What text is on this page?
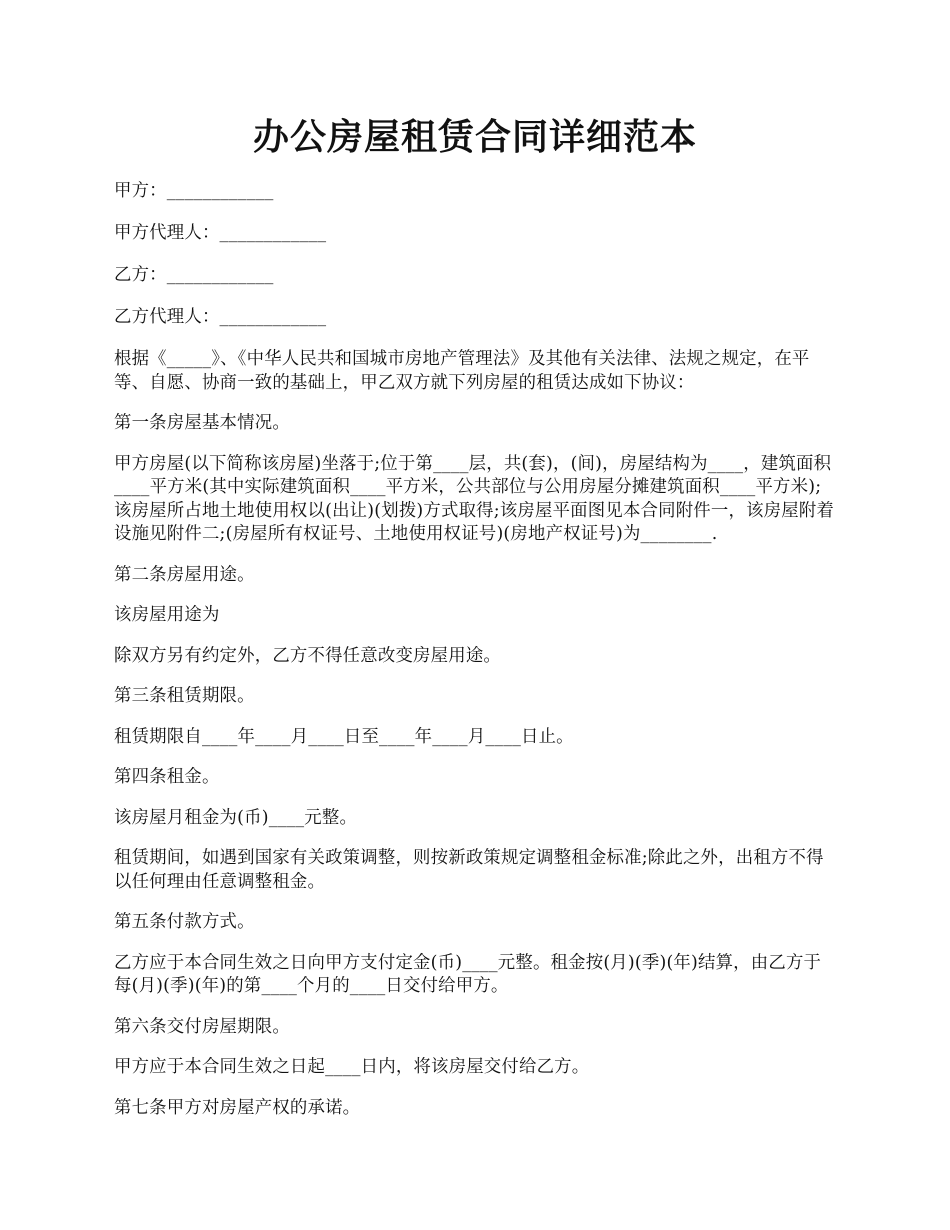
办公房屋租赁合同详细范本

甲方：____________

甲方代理人：____________

乙方：____________

乙方代理人：____________

根据《_____》、《中华人民共和国城市房地产管理法》及其他有关法律、法规之规定，在平等、自愿、协商一致的基础上，甲乙双方就下列房屋的租赁达成如下协议：

第一条房屋基本情况。

甲方房屋(以下简称该房屋)坐落于;位于第____层，共(套)，(间)，房屋结构为____，建筑面积____平方米(其中实际建筑面积____平方米，公共部位与公用房屋分摊建筑面积____平方米);该房屋所占地土地使用权以(出让)(划拨)方式取得;该房屋平面图见本合同附件一，该房屋附着设施见附件二;(房屋所有权证号、土地使用权证号)(房地产权证号)为________.

第二条房屋用途。

该房屋用途为

除双方另有约定外，乙方不得任意改变房屋用途。

第三条租赁期限。

租赁期限自____年____月____日至____年____月____日止。

第四条租金。

该房屋月租金为(币)____元整。

租赁期间，如遇到国家有关政策调整，则按新政策规定调整租金标准;除此之外，出租方不得以任何理由任意调整租金。

第五条付款方式。

乙方应于本合同生效之日向甲方支付定金(币)____元整。租金按(月)(季)(年)结算，由乙方于每(月)(季)(年)的第____个月的____日交付给甲方。

第六条交付房屋期限。

甲方应于本合同生效之日起____日内，将该房屋交付给乙方。

第七条甲方对房屋产权的承诺。
